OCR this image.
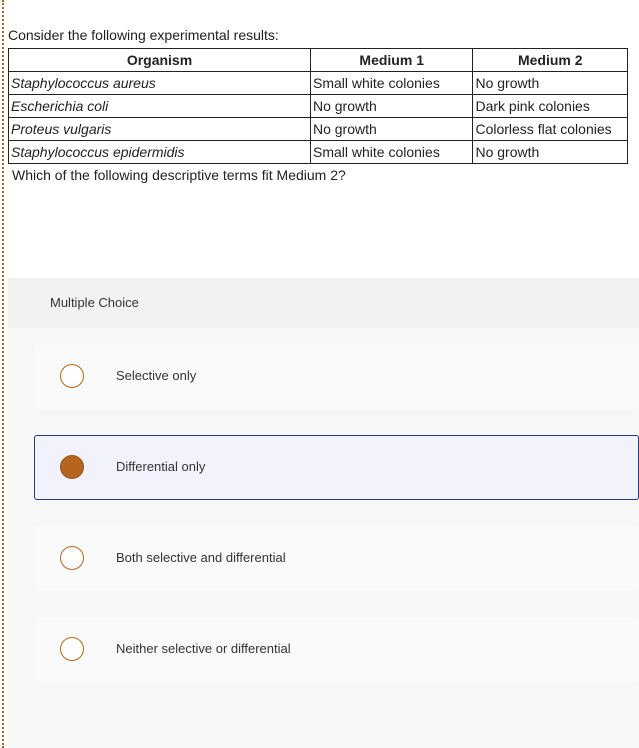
Consider the following experimental results:

Organism	Medium 1	Medium 2
Staphylococcus aureus	Small white colonies	No growth
Escherichia coli	No growth	Dark pink colonies
Proteus vulgaris	No growth	Colorless flat colonies
Staphylococcus epidermidis	Small white colonies	No growth

Which of the following descriptive terms fit Medium 2?

Multiple Choice
Selective only
Differential only
Both selective and differential
Neither selective or differential
